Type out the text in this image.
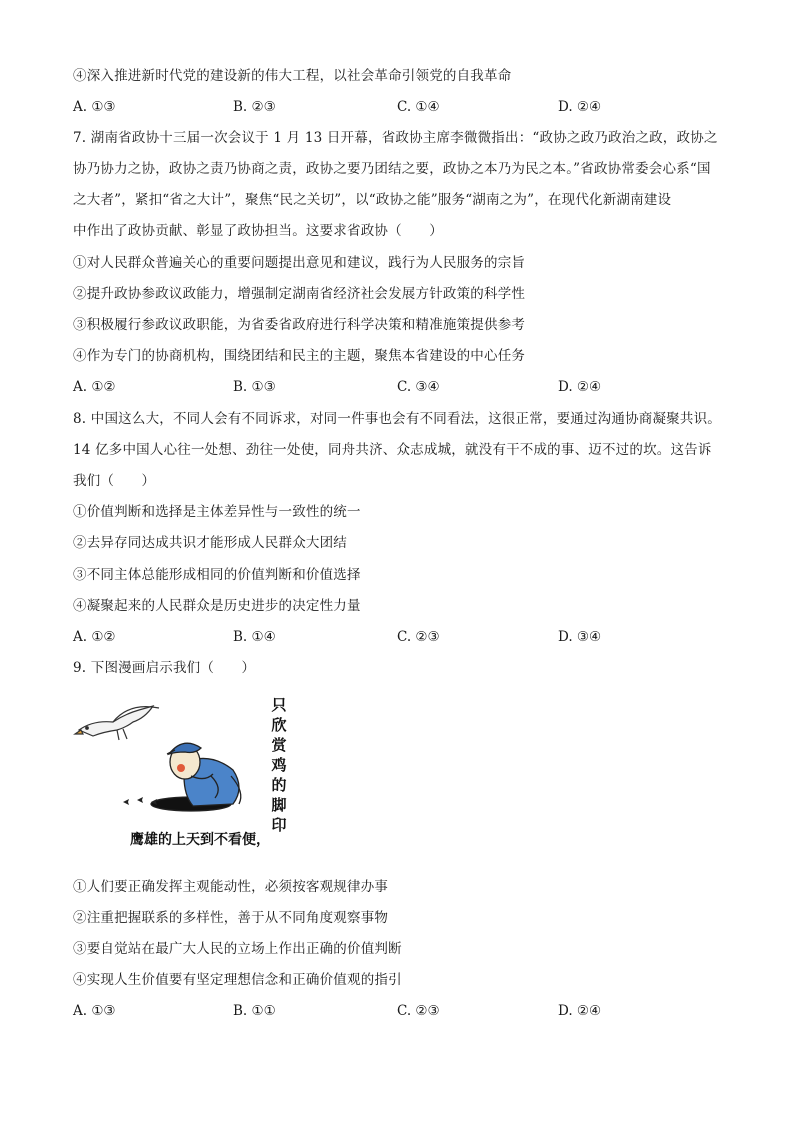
④深入推进新时代党的建设新的伟大工程，以社会革命引领党的自我革命
A. ①③	B. ②③	C. ①④	D. ②④
7. 湖南省政协十三届一次会议于 1 月 13 日开幕，省政协主席李微微指出：“政协之政乃政治之政，政协之
协乃协力之协，政协之责乃协商之责，政协之要乃团结之要，政协之本乃为民之本。”省政协常委会心系“国
之大者”，紧扣“省之大计”，聚焦“民之关切”，以“政协之能”服务“湖南之为”，在现代化新湖南建设
中作出了政协贡献、彰显了政协担当。这要求省政协（　　）
①对人民群众普遍关心的重要问题提出意见和建议，践行为人民服务的宗旨
②提升政协参政议政能力，增强制定湖南省经济社会发展方针政策的科学性
③积极履行参政议政职能，为省委省政府进行科学决策和精准施策提供参考
④作为专门的协商机构，围绕团结和民主的主题，聚焦本省建设的中心任务
A. ①②	B. ①③	C. ③④	D. ②④
8. 中国这么大，不同人会有不同诉求，对同一件事也会有不同看法，这很正常，要通过沟通协商凝聚共识。
14 亿多中国人心往一处想、劲往一处使，同舟共济、众志成城，就没有干不成的事、迈不过的坎。这告诉
我们（　　）
①价值判断和选择是主体差异性与一致性的统一
②去异存同达成共识才能形成人民群众大团结
③不同主体总能形成相同的价值判断和价值选择
④凝聚起来的人民群众是历史进步的决定性力量
A. ①②	B. ①④	C. ②③	D. ③④
9. 下图漫画启示我们（　　）
只
欣
赏
鸡
的
脚
印
鹰雄的上天到不看便，
①人们要正确发挥主观能动性，必须按客观规律办事
②注重把握联系的多样性，善于从不同角度观察事物
③要自觉站在最广大人民的立场上作出正确的价值判断
④实现人生价值要有坚定理想信念和正确价值观的指引
A. ①③	B. ①①	C. ②③	D. ②④
